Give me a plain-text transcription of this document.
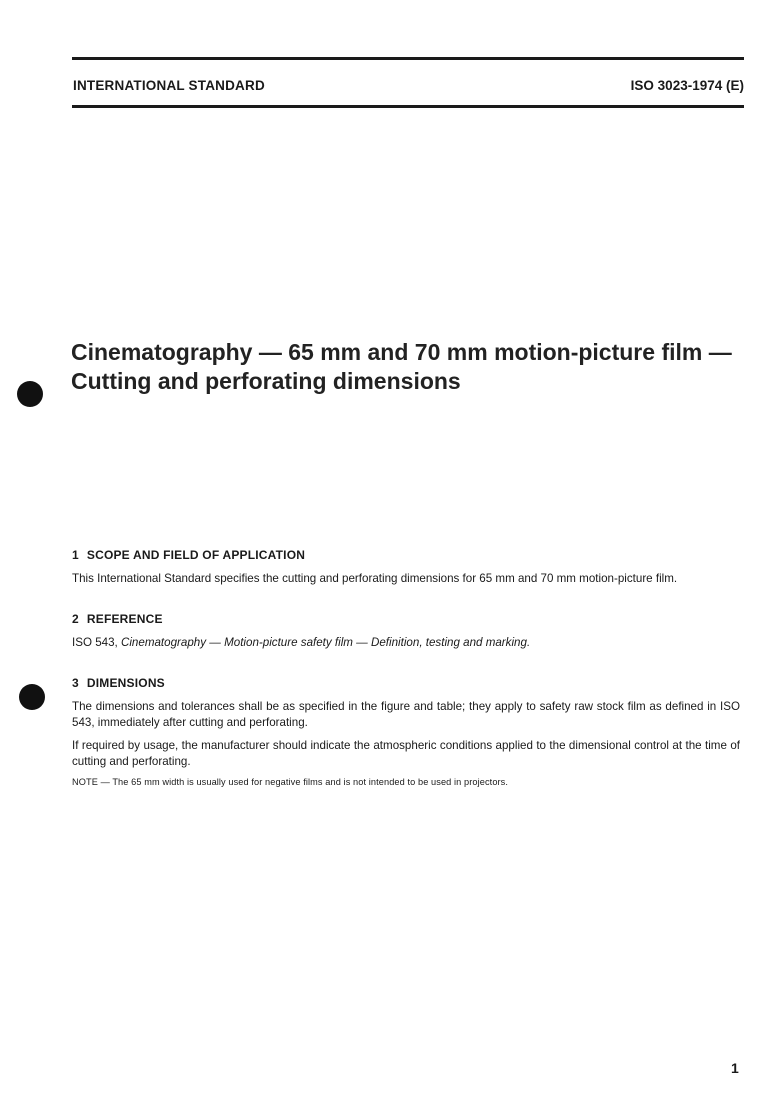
INTERNATIONAL STANDARD	ISO 3023-1974 (E)
Cinematography — 65 mm and 70 mm motion-picture film —
Cutting and perforating dimensions
1 SCOPE AND FIELD OF APPLICATION
This International Standard specifies the cutting and perforating dimensions for 65 mm and 70 mm motion-picture film.
2 REFERENCE
ISO 543, Cinematography — Motion-picture safety film — Definition, testing and marking.
3 DIMENSIONS
The dimensions and tolerances shall be as specified in the figure and table; they apply to safety raw stock film as defined in ISO 543, immediately after cutting and perforating.
If required by usage, the manufacturer should indicate the atmospheric conditions applied to the dimensional control at the time of cutting and perforating.
NOTE — The 65 mm width is usually used for negative films and is not intended to be used in projectors.
1
